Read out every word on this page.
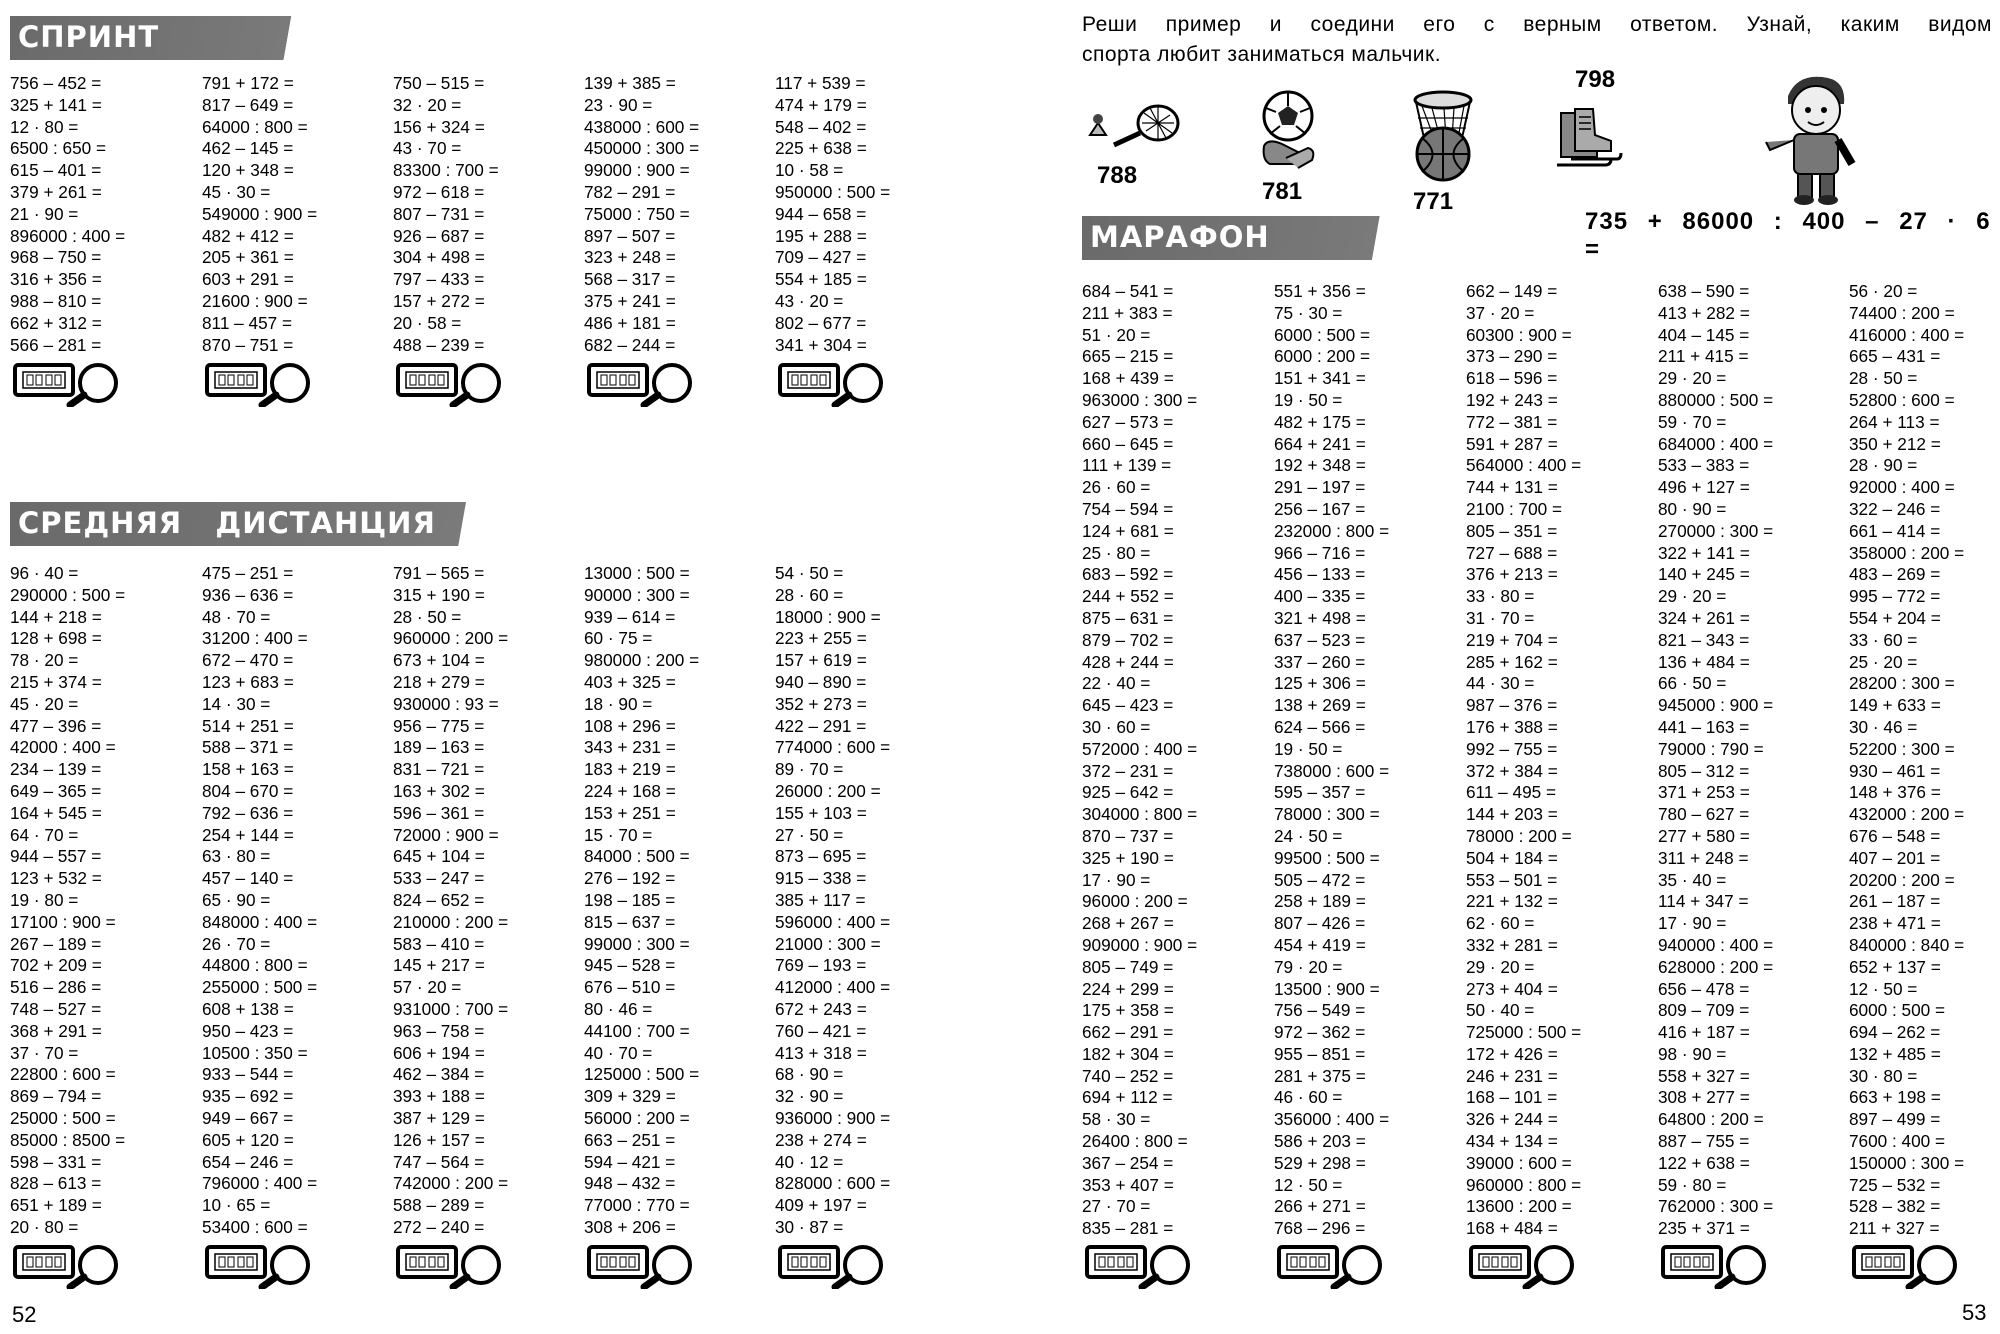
СПРИНТ
756 – 452 =
325 + 141 =
12 · 80 =
6500 : 650 =
615 – 401 =
379 + 261 =
21 · 90 =
896000 : 400 =
968 – 750 =
316 + 356 =
988 – 810 =
662 + 312 =
566 – 281 =
791 + 172 =
817 – 649 =
64000 : 800 =
462 – 145 =
120 + 348 =
45 · 30 =
549000 : 900 =
482 + 412 =
205 + 361 =
603 + 291 =
21600 : 900 =
811 – 457 =
870 – 751 =
750 – 515 =
32 · 20 =
156 + 324 =
43 · 70 =
83300 : 700 =
972 – 618 =
807 – 731 =
926 – 687 =
304 + 498 =
797 – 433 =
157 + 272 =
20 · 58 =
488 – 239 =
139 + 385 =
23 · 90 =
438000 : 600 =
450000 : 300 =
99000 : 900 =
782 – 291 =
75000 : 750 =
897 – 507 =
323 + 248 =
568 – 317 =
375 + 241 =
486 + 181 =
682 – 244 =
117 + 539 =
474 + 179 =
548 – 402 =
225 + 638 =
10 · 58 =
950000 : 500 =
944 – 658 =
195 + 288 =
709 – 427 =
554 + 185 =
43 · 20 =
802 – 677 =
341 + 304 =
СРЕДНЯЯ   ДИСТАНЦИЯ
96 · 40 =
290000 : 500 =
144 + 218 =
128 + 698 =
78 · 20 =
215 + 374 =
45 · 20 =
477 – 396 =
42000 : 400 =
234 – 139 =
649 – 365 =
164 + 545 =
64 · 70 =
944 – 557 =
123 + 532 =
19 · 80 =
17100 : 900 =
267 – 189 =
702 + 209 =
516 – 286 =
748 – 527 =
368 + 291 =
37 · 70 =
22800 : 600 =
869 – 794 =
25000 : 500 =
85000 : 8500 =
598 – 331 =
828 – 613 =
651 + 189 =
20 · 80 =
475 – 251 =
936 – 636 =
48 · 70 =
31200 : 400 =
672 – 470 =
123 + 683 =
14 · 30 =
514 + 251 =
588 – 371 =
158 + 163 =
804 – 670 =
792 – 636 =
254 + 144 =
63 · 80 =
457 – 140 =
65 · 90 =
848000 : 400 =
26 · 70 =
44800 : 800 =
255000 : 500 =
608 + 138 =
950 – 423 =
10500 : 350 =
933 – 544 =
935 – 692 =
949 – 667 =
605 + 120 =
654 – 246 =
796000 : 400 =
10 · 65 =
53400 : 600 =
791 – 565 =
315 + 190 =
28 · 50 =
960000 : 200 =
673 + 104 =
218 + 279 =
930000 : 93 =
956 – 775 =
189 – 163 =
831 – 721 =
163 + 302 =
596 – 361 =
72000 : 900 =
645 + 104 =
533 – 247 =
824 – 652 =
210000 : 200 =
583 – 410 =
145 + 217 =
57 · 20 =
931000 : 700 =
963 – 758 =
606 + 194 =
462 – 384 =
393 + 188 =
387 + 129 =
126 + 157 =
747 – 564 =
742000 : 200 =
588 – 289 =
272 – 240 =
13000 : 500 =
90000 : 300 =
939 – 614 =
60 · 75 =
980000 : 200 =
403 + 325 =
18 · 90 =
108 + 296 =
343 + 231 =
183 + 219 =
224 + 168 =
153 + 251 =
15 · 70 =
84000 : 500 =
276 – 192 =
198 – 185 =
815 – 637 =
99000 : 300 =
945 – 528 =
676 – 510 =
80 · 46 =
44100 : 700 =
40 · 70 =
125000 : 500 =
309 + 329 =
56000 : 200 =
663 – 251 =
594 – 421 =
948 – 432 =
77000 : 770 =
308 + 206 =
54 · 50 =
28 · 60 =
18000 : 900 =
223 + 255 =
157 + 619 =
940 – 890 =
352 + 273 =
422 – 291 =
774000 : 600 =
89 · 70 =
26000 : 200 =
155 + 103 =
27 · 50 =
873 – 695 =
915 – 338 =
385 + 117 =
596000 : 400 =
21000 : 300 =
769 – 193 =
412000 : 400 =
672 + 243 =
760 – 421 =
413 + 318 =
68 · 90 =
32 · 90 =
936000 : 900 =
238 + 274 =
40 · 12 =
828000 : 600 =
409 + 197 =
30 · 87 =
52
Реши пример и соедини его с верным ответом. Узнай, каким видом
спорта любит заниматься мальчик.
788
781	771
798
735 + 86000 : 400 – 27 · 6 =
МАРАФОН
684 – 541 =
211 + 383 =
51 · 20 =
665 – 215 =
168 + 439 =
963000 : 300 =
627 – 573 =
660 – 645 =
111 + 139 =
26 · 60 =
754 – 594 =
124 + 681 =
25 · 80 =
683 – 592 =
244 + 552 =
875 – 631 =
879 – 702 =
428 + 244 =
22 · 40 =
645 – 423 =
30 · 60 =
572000 : 400 =
372 – 231 =
925 – 642 =
304000 : 800 =
870 – 737 =
325 + 190 =
17 · 90 =
96000 : 200 =
268 + 267 =
909000 : 900 =
805 – 749 =
224 + 299 =
175 + 358 =
662 – 291 =
182 + 304 =
740 – 252 =
694 + 112 =
58 · 30 =
26400 : 800 =
367 – 254 =
353 + 407 =
27 · 70 =
835 – 281 =
551 + 356 =
75 · 30 =
6000 : 500 =
6000 : 200 =
151 + 341 =
19 · 50 =
482 + 175 =
664 + 241 =
192 + 348 =
291 – 197 =
256 – 167 =
232000 : 800 =
966 – 716 =
456 – 133 =
400 – 335 =
321 + 498 =
637 – 523 =
337 – 260 =
125 + 306 =
138 + 269 =
624 – 566 =
19 · 50 =
738000 : 600 =
595 – 357 =
78000 : 300 =
24 · 50 =
99500 : 500 =
505 – 472 =
258 + 189 =
807 – 426 =
454 + 419 =
79 · 20 =
13500 : 900 =
756 – 549 =
972 – 362 =
955 – 851 =
281 + 375 =
46 · 60 =
356000 : 400 =
586 + 203 =
529 + 298 =
12 · 50 =
266 + 271 =
768 – 296 =
662 – 149 =
37 · 20 =
60300 : 900 =
373 – 290 =
618 – 596 =
192 + 243 =
772 – 381 =
591 + 287 =
564000 : 400 =
744 + 131 =
2100 : 700 =
805 – 351 =
727 – 688 =
376 + 213 =
33 · 80 =
31 · 70 =
219 + 704 =
285 + 162 =
44 · 30 =
987 – 376 =
176 + 388 =
992 – 755 =
372 + 384 =
611 – 495 =
144 + 203 =
78000 : 200 =
504 + 184 =
553 – 501 =
221 + 132 =
62 · 60 =
332 + 281 =
29 · 20 =
273 + 404 =
50 · 40 =
725000 : 500 =
172 + 426 =
246 + 231 =
168 – 101 =
326 + 244 =
434 + 134 =
39000 : 600 =
960000 : 800 =
13600 : 200 =
168 + 484 =
638 – 590 =
413 + 282 =
404 – 145 =
211 + 415 =
29 · 20 =
880000 : 500 =
59 · 70 =
684000 : 400 =
533 – 383 =
496 + 127 =
80 · 90 =
270000 : 300 =
322 + 141 =
140 + 245 =
29 · 20 =
324 + 261 =
821 – 343 =
136 + 484 =
66 · 50 =
945000 : 900 =
441 – 163 =
79000 : 790 =
805 – 312 =
371 + 253 =
780 – 627 =
277 + 580 =
311 + 248 =
35 · 40 =
114 + 347 =
17 · 90 =
940000 : 400 =
628000 : 200 =
656 – 478 =
809 – 709 =
416 + 187 =
98 · 90 =
558 + 327 =
308 + 277 =
64800 : 200 =
887 – 755 =
122 + 638 =
59 · 80 =
762000 : 300 =
235 + 371 =
56 · 20 =
74400 : 200 =
416000 : 400 =
665 – 431 =
28 · 50 =
52800 : 600 =
264 + 113 =
350 + 212 =
28 · 90 =
92000 : 400 =
322 – 246 =
661 – 414 =
358000 : 200 =
483 – 269 =
995 – 772 =
554 + 204 =
33 · 60 =
25 · 20 =
28200 : 300 =
149 + 633 =
30 · 46 =
52200 : 300 =
930 – 461 =
148 + 376 =
432000 : 200 =
676 – 548 =
407 – 201 =
20200 : 200 =
261 – 187 =
238 + 471 =
840000 : 840 =
652 + 137 =
12 · 50 =
6000 : 500 =
694 – 262 =
132 + 485 =
30 · 80 =
663 + 198 =
897 – 499 =
7600 : 400 =
150000 : 300 =
725 – 532 =
528 – 382 =
211 + 327 =
53
